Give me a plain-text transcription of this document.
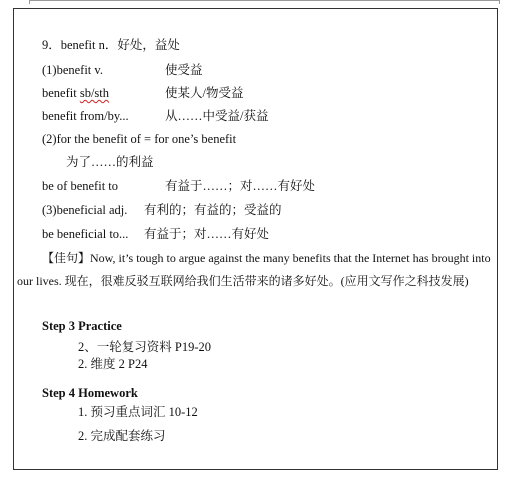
9．benefit n．好处，益处
(1)benefit v.	使受益
benefit sb/sth	使某人/物受益
benefit from/by...	从……中受益/获益
(2)for the benefit of = for one’s benefit
为了……的利益
be of benefit to	有益于……；对……有好处
(3)beneficial adj. 有利的；有益的；受益的
be beneficial to... 有益于；对……有好处
【佳句】Now, it’s tough to argue against the many benefits that the Internet has brought into
our lives. 现在，很难反驳互联网给我们生活带来的诸多好处。(应用文写作之科技发展)
Step 3 Practice
2、一轮复习资料 P19-20
2. 维度 2 P24
Step 4 Homework
1. 预习重点词汇 10-12
2. 完成配套练习
